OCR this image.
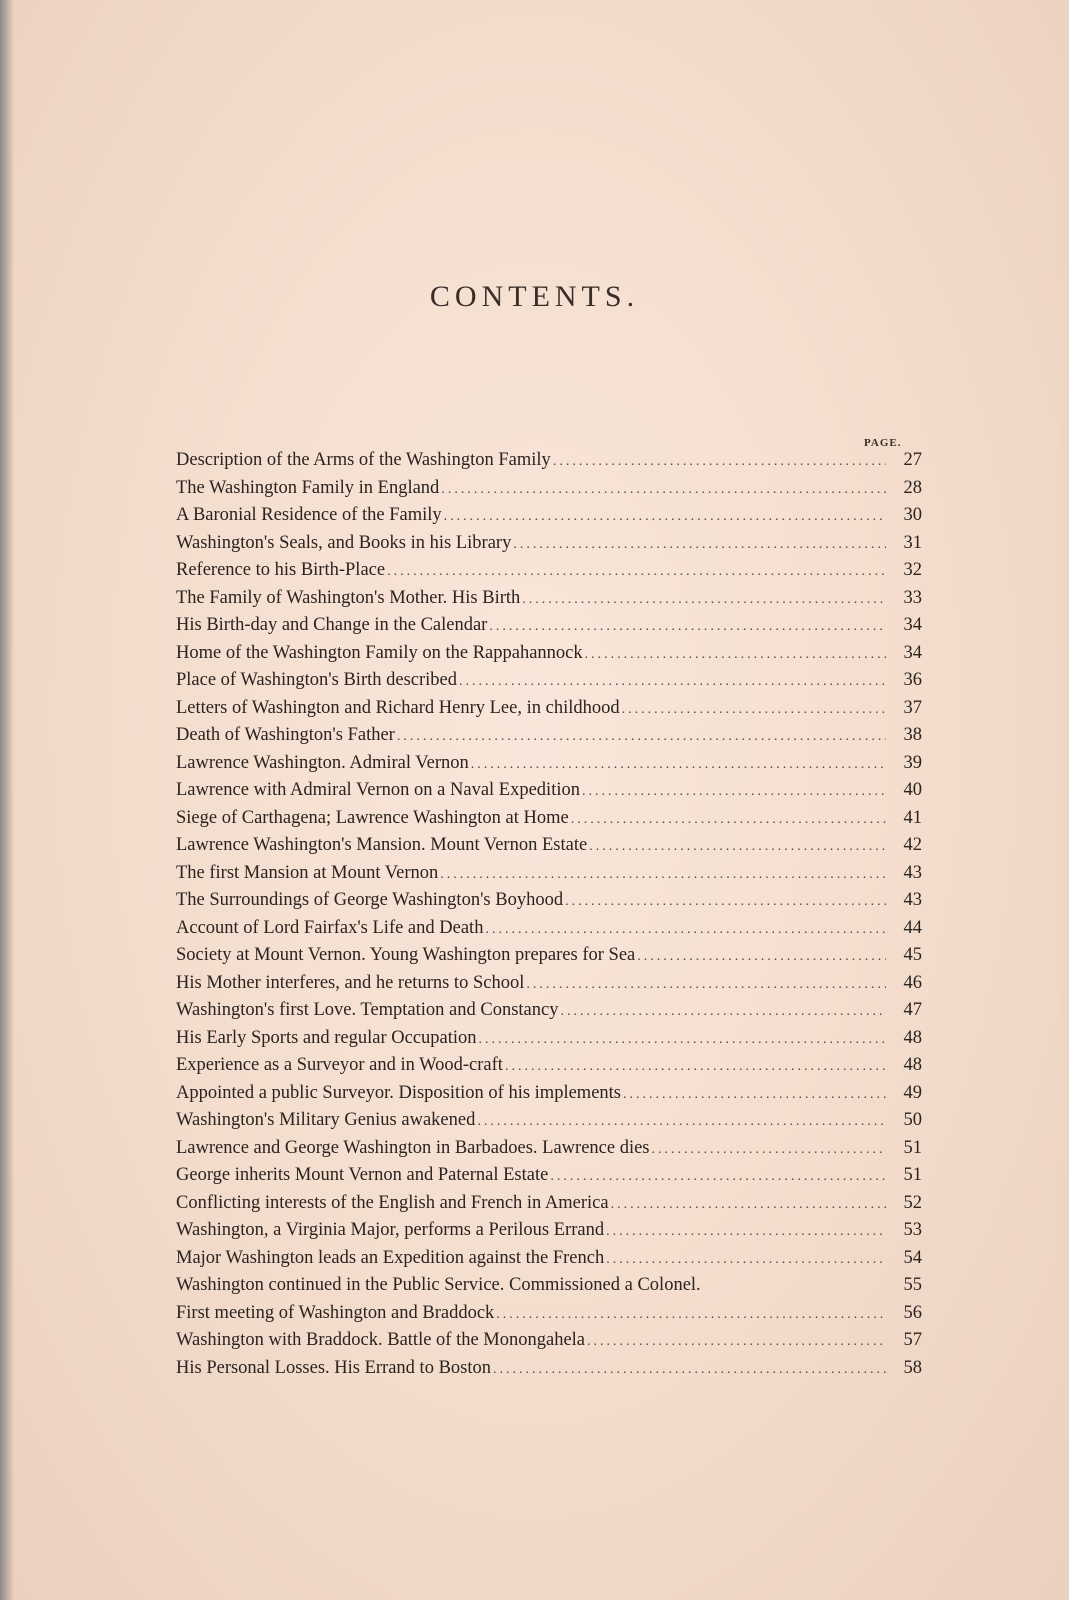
CONTENTS.
PAGE.
Description of the Arms of the Washington Family .....	27
The Washington Family in England .....	28
A Baronial Residence of the Family .....	30
Washington's Seals, and Books in his Library .....	31
Reference to his Birth-Place .....	32
The Family of Washington's Mother. His Birth .....	33
His Birth-day and Change in the Calendar .....	34
Home of the Washington Family on the Rappahannock .....	34
Place of Washington's Birth described .....	36
Letters of Washington and Richard Henry Lee, in childhood .....	37
Death of Washington's Father .....	38
Lawrence Washington. Admiral Vernon .....	39
Lawrence with Admiral Vernon on a Naval Expedition .....	40
Siege of Carthagena; Lawrence Washington at Home .....	41
Lawrence Washington's Mansion. Mount Vernon Estate .....	42
The first Mansion at Mount Vernon .....	43
The Surroundings of George Washington's Boyhood .....	43
Account of Lord Fairfax's Life and Death .....	44
Society at Mount Vernon. Young Washington prepares for Sea .....	45
His Mother interferes, and he returns to School .....	46
Washington's first Love. Temptation and Constancy .....	47
His Early Sports and regular Occupation .....	48
Experience as a Surveyor and in Wood-craft .....	48
Appointed a public Surveyor. Disposition of his implements .....	49
Washington's Military Genius awakened .....	50
Lawrence and George Washington in Barbadoes. Lawrence dies .....	51
George inherits Mount Vernon and Paternal Estate .....	51
Conflicting interests of the English and French in America .....	52
Washington, a Virginia Major, performs a Perilous Errand .....	53
Major Washington leads an Expedition against the French .....	54
Washington continued in the Public Service. Commissioned a Colonel.	55
First meeting of Washington and Braddock .....	56
Washington with Braddock. Battle of the Monongahela .....	57
His Personal Losses. His Errand to Boston .....	58
